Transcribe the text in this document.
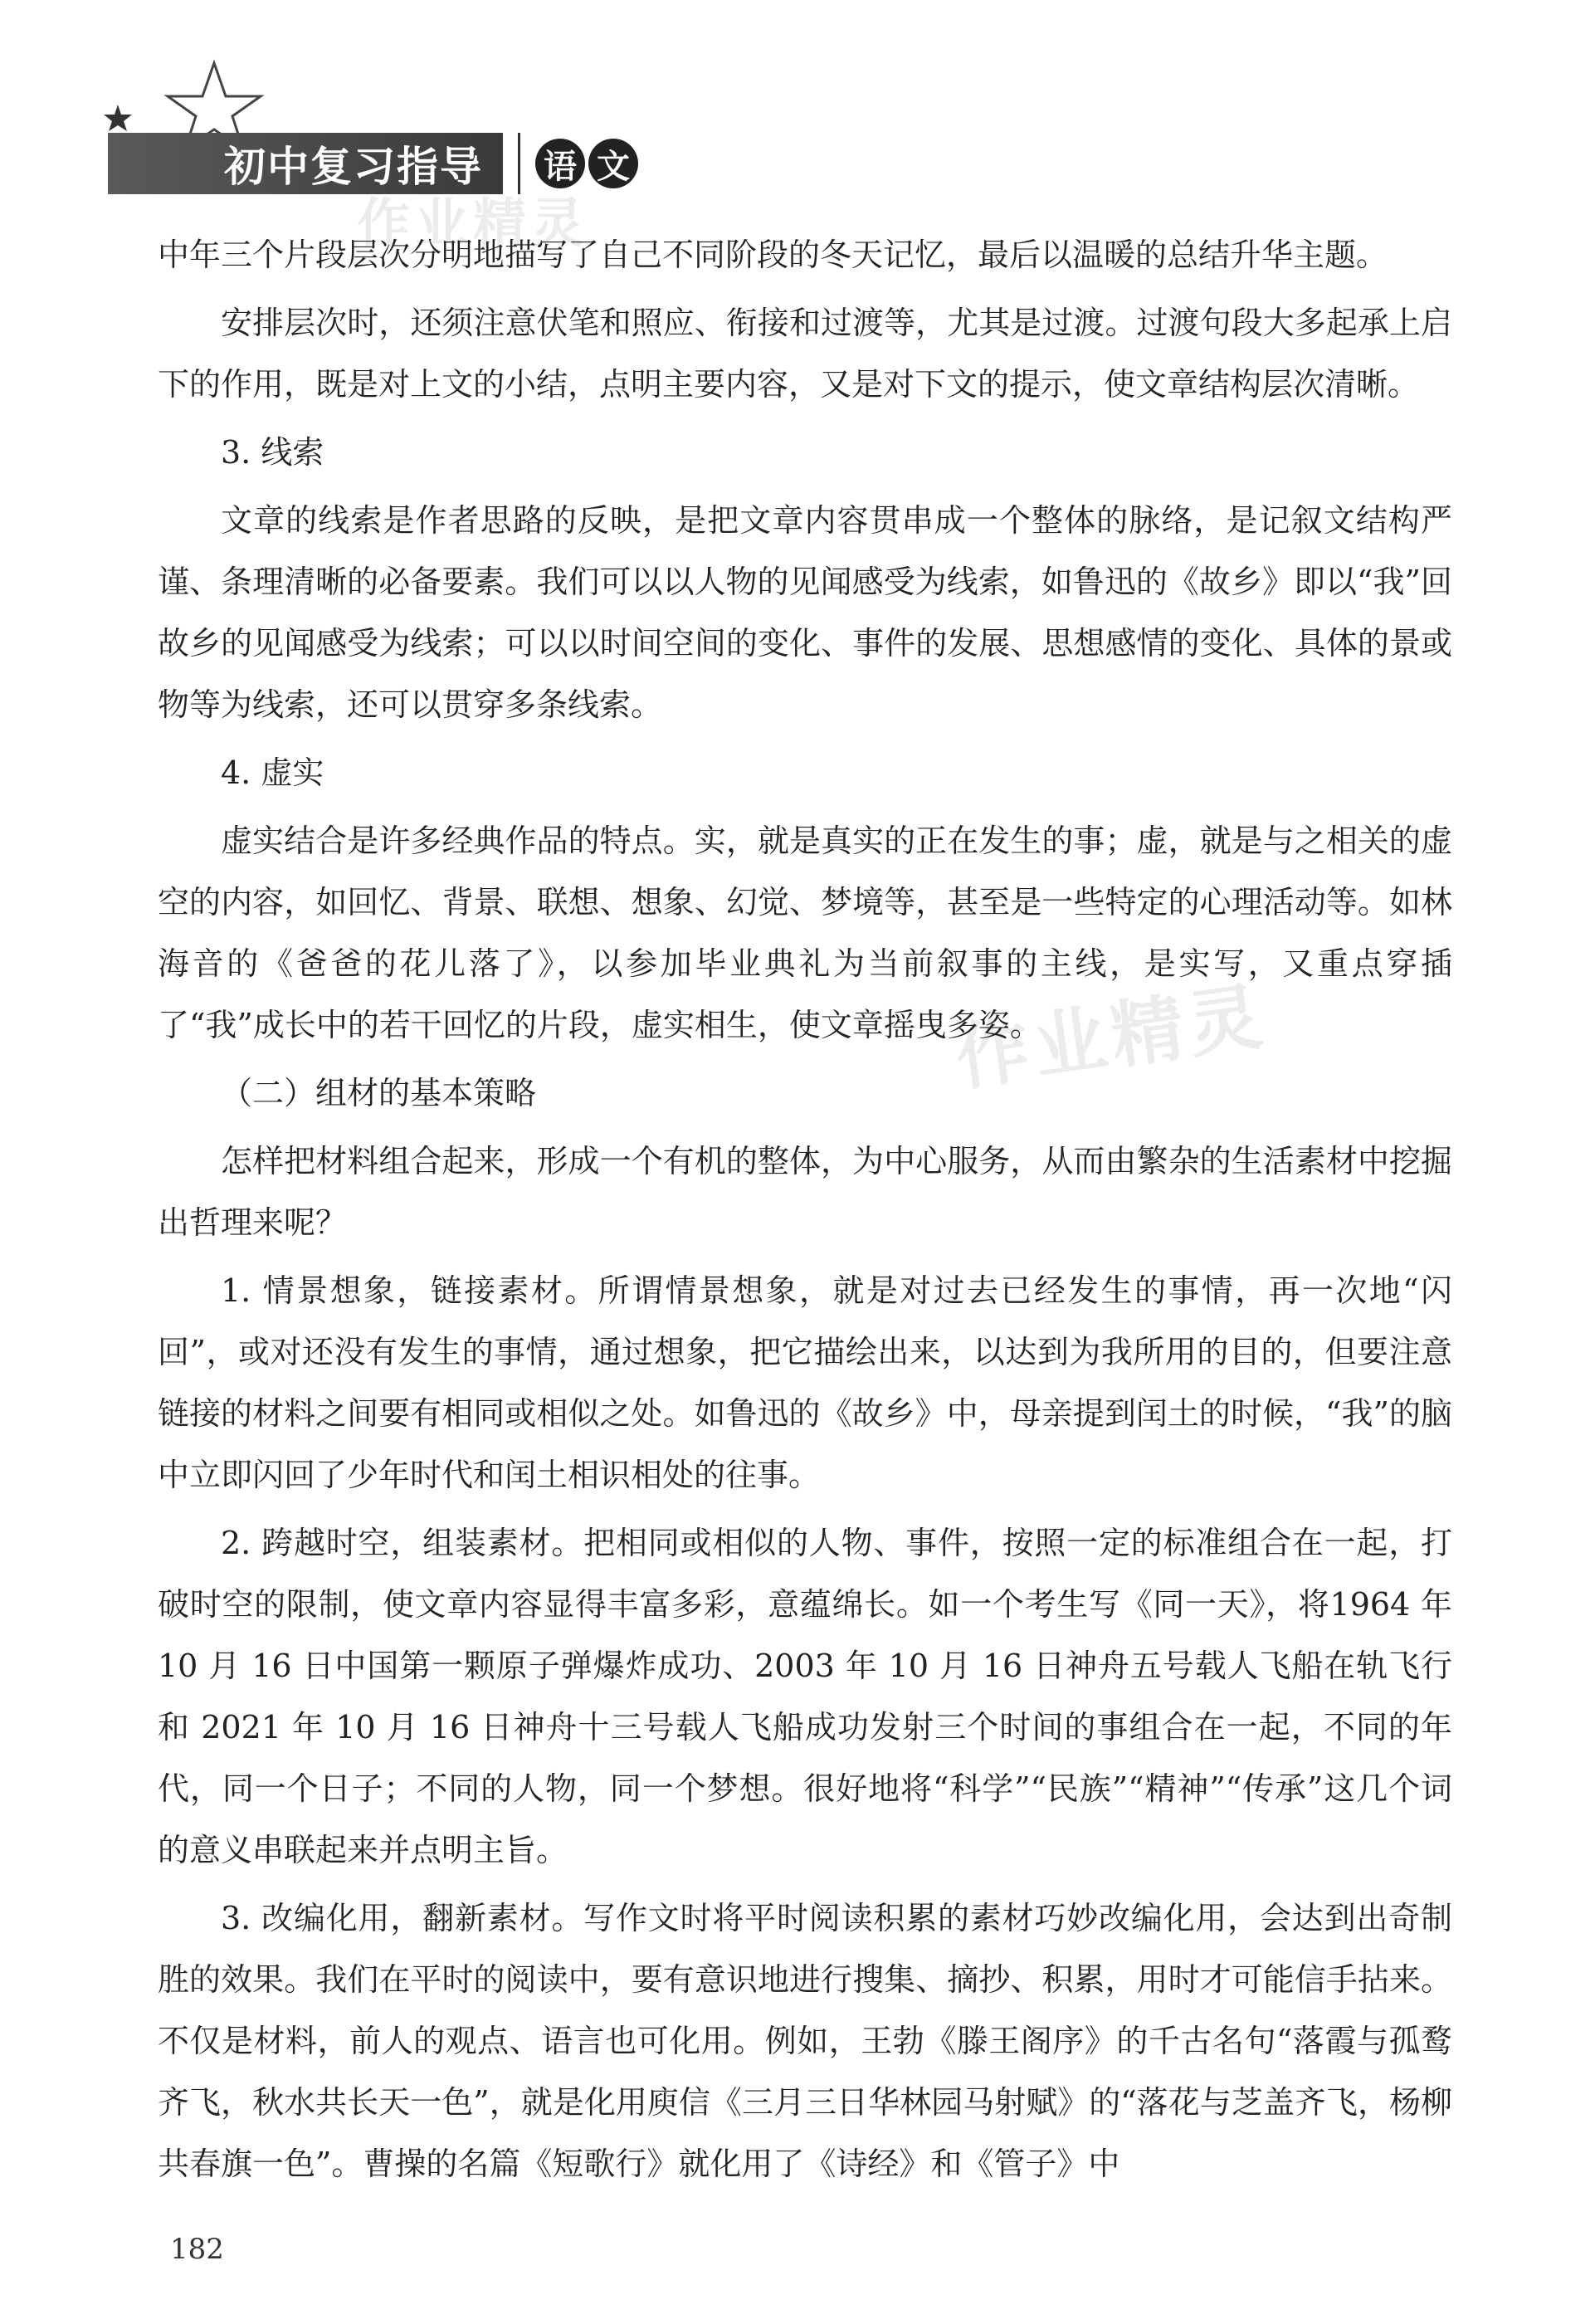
初中复习指导 语 文
作业精灵
作业精灵

中年三个片段层次分明地描写了自己不同阶段的冬天记忆，最后以温暖的总结升华主题。

安排层次时，还须注意伏笔和照应、衔接和过渡等，尤其是过渡。过渡句段大多起承上启下的作用，既是对上文的小结，点明主要内容，又是对下文的提示，使文章结构层次清晰。

3. 线索

文章的线索是作者思路的反映，是把文章内容贯串成一个整体的脉络，是记叙文结构严谨、条理清晰的必备要素。我们可以以人物的见闻感受为线索，如鲁迅的《故乡》即以“我”回故乡的见闻感受为线索；可以以时间空间的变化、事件的发展、思想感情的变化、具体的景或物等为线索，还可以贯穿多条线索。

4. 虚实

虚实结合是许多经典作品的特点。实，就是真实的正在发生的事；虚，就是与之相关的虚空的内容，如回忆、背景、联想、想象、幻觉、梦境等，甚至是一些特定的心理活动等。如林海音的《爸爸的花儿落了》，以参加毕业典礼为当前叙事的主线，是实写，又重点穿插了“我”成长中的若干回忆的片段，虚实相生，使文章摇曳多姿。

（二）组材的基本策略

怎样把材料组合起来，形成一个有机的整体，为中心服务，从而由繁杂的生活素材中挖掘出哲理来呢？

1. 情景想象，链接素材。所谓情景想象，就是对过去已经发生的事情，再一次地“闪回”，或对还没有发生的事情，通过想象，把它描绘出来，以达到为我所用的目的，但要注意链接的材料之间要有相同或相似之处。如鲁迅的《故乡》中，母亲提到闰土的时候，“我”的脑中立即闪回了少年时代和闰土相识相处的往事。

2. 跨越时空，组装素材。把相同或相似的人物、事件，按照一定的标准组合在一起，打破时空的限制，使文章内容显得丰富多彩，意蕴绵长。如一个考生写《同一天》，将1964 年 10 月 16 日中国第一颗原子弹爆炸成功、2003 年 10 月 16 日神舟五号载人飞船在轨飞行和 2021 年 10 月 16 日神舟十三号载人飞船成功发射三个时间的事组合在一起，不同的年代，同一个日子；不同的人物，同一个梦想。很好地将“科学”“民族”“精神”“传承”这几个词的意义串联起来并点明主旨。

3. 改编化用，翻新素材。写作文时将平时阅读积累的素材巧妙改编化用，会达到出奇制胜的效果。我们在平时的阅读中，要有意识地进行搜集、摘抄、积累，用时才可能信手拈来。不仅是材料，前人的观点、语言也可化用。例如，王勃《滕王阁序》的千古名句“落霞与孤鹜齐飞，秋水共长天一色”，就是化用庾信《三月三日华林园马射赋》的“落花与芝盖齐飞，杨柳共春旗一色”。曹操的名篇《短歌行》就化用了《诗经》和《管子》中

182
